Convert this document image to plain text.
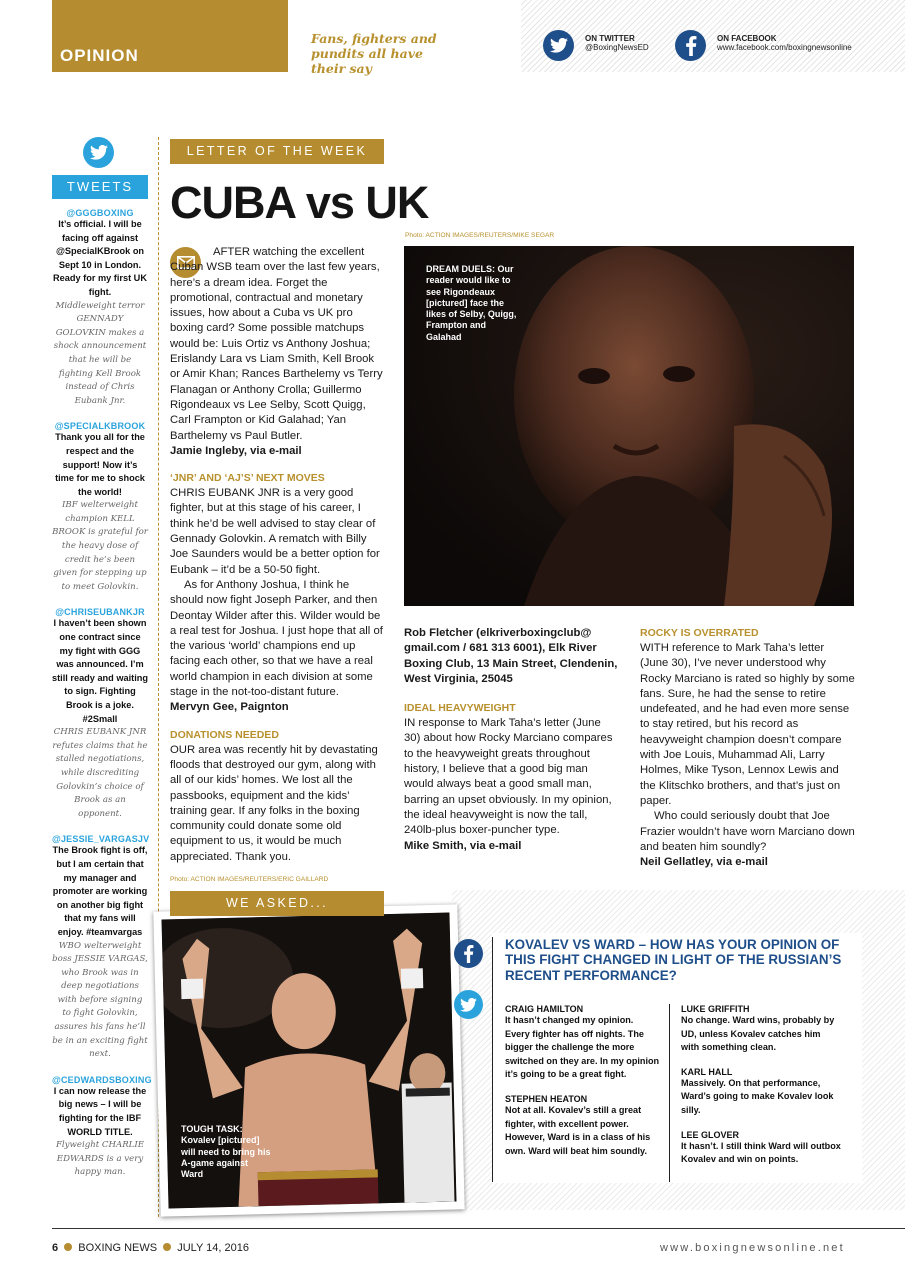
OPINION
Fans, fighters and pundits all have their say
ON TWITTER
@BoxingNewsED
ON FACEBOOK
www.facebook.com/boxingnewsonline
TWEETS
@GGGBOXING
It’s official. I will be facing off against @SpecialKBrook on Sept 10 in London. Ready for my first UK fight.
Middleweight terror GENNADY GOLOVKIN makes a shock announcement that he will be fighting Kell Brook instead of Chris Eubank Jnr.
@SPECIALKBROOK
Thank you all for the respect and the support! Now it’s time for me to shock the world!
IBF welterweight champion KELL BROOK is grateful for the heavy dose of credit he’s been given for stepping up to meet Golovkin.
@CHRISEUBANKJR
I haven’t been shown one contract since my fight with GGG was announced. I’m still ready and waiting to sign. Fighting Brook is a joke. #2Small
CHRIS EUBANK JNR refutes claims that he stalled negotiations, while discrediting Golovkin’s choice of Brook as an opponent.
@JESSIE_VARGASJV
The Brook fight is off, but I am certain that my manager and promoter are working on another big fight that my fans will enjoy. #teamvargas
WBO welterweight boss JESSIE VARGAS, who Brook was in deep negotiations with before signing to fight Golovkin, assures his fans he’ll be in an exciting fight next.
@CEDWARDSBOXING
I can now release the big news – I will be fighting for the IBF WORLD TITLE.
Flyweight CHARLIE EDWARDS is a very happy man.
LETTER OF THE WEEK
CUBA vs UK

AFTER watching the excellent Cuban WSB team over the last few years, here’s a dream idea. Forget the promotional, contractual and monetary issues, how about a Cuba vs UK pro boxing card? Some possible matchups would be: Luis Ortiz vs Anthony Joshua; Erislandy Lara vs Liam Smith, Kell Brook or Amir Khan; Rances Barthelemy vs Terry Flanagan or Anthony Crolla; Guillermo Rigondeaux vs Lee Selby, Scott Quigg, Carl Frampton or Kid Galahad; Yan Barthelemy vs Paul Butler.

Jamie Ingleby, via e-mail

‘JNR’ AND ‘AJ’S’ NEXT MOVES

CHRIS EUBANK JNR is a very good fighter, but at this stage of his career, I think he’d be well advised to stay clear of Gennady Golovkin. A rematch with Billy Joe Saunders would be a better option for Eubank – it’d be a 50-50 fight.

As for Anthony Joshua, I think he should now fight Joseph Parker, and then Deontay Wilder after this. Wilder would be a real test for Joshua. I just hope that all of the various ‘world’ champions end up facing each other, so that we have a real world champion in each division at some stage in the not-too-distant future.

Mervyn Gee, Paignton

DONATIONS NEEDED

OUR area was recently hit by devastating floods that destroyed our gym, along with all of our kids’ homes. We lost all the passbooks, equipment and the kids’ training gear. If any folks in the boxing community could donate some old equipment to us, it would be much appreciated. Thank you.

Photo: ACTION IMAGES/REUTERS/MIKE SEGAR
DREAM DUELS: Our reader would like to see Rigondeaux [pictured] face the likes of Selby, Quigg, Frampton and Galahad

Rob Fletcher (elkriverboxingclub@ gmail.com / 681 313 6001), Elk River Boxing Club, 13 Main Street, Clendenin, West Virginia, 25045

IDEAL HEAVYWEIGHT

IN response to Mark Taha’s letter (June 30) about how Rocky Marciano compares to the heavyweight greats throughout history, I believe that a good big man would always beat a good small man, barring an upset obviously. In my opinion, the ideal heavyweight is now the tall, 240lb-plus boxer-puncher type.

Mike Smith, via e-mail

ROCKY IS OVERRATED

WITH reference to Mark Taha’s letter (June 30), I’ve never understood why Rocky Marciano is rated so highly by some fans. Sure, he had the sense to retire undefeated, and he had even more sense to stay retired, but his record as heavyweight champion doesn’t compare with Joe Louis, Muhammad Ali, Larry Holmes, Mike Tyson, Lennox Lewis and the Klitschko brothers, and that’s just on paper.

Who could seriously doubt that Joe Frazier wouldn’t have worn Marciano down and beaten him soundly?

Neil Gellatley, via e-mail

Photo: ACTION IMAGES/REUTERS/ERIC GAILLARD
TOUGH TASK: Kovalev [pictured] will need to bring his A-game against Ward
WE ASKED...
KOVALEV VS WARD – HOW HAS YOUR OPINION OF THIS FIGHT CHANGED IN LIGHT OF THE RUSSIAN’S RECENT PERFORMANCE?
CRAIG HAMILTON
It hasn’t changed my opinion. Every fighter has off nights. The bigger the challenge the more switched on they are. In my opinion it’s going to be a great fight.
STEPHEN HEATON
Not at all. Kovalev’s still a great fighter, with excellent power. However, Ward is in a class of his own. Ward will beat him soundly.
LUKE GRIFFITH
No change. Ward wins, probably by UD, unless Kovalev catches him with something clean.
KARL HALL
Massively. On that performance, Ward’s going to make Kovalev look silly.
LEE GLOVER
It hasn’t. I still think Ward will outbox Kovalev and win on points.
6 BOXING NEWS JULY 14, 2016	www.boxingnewsonline.net
